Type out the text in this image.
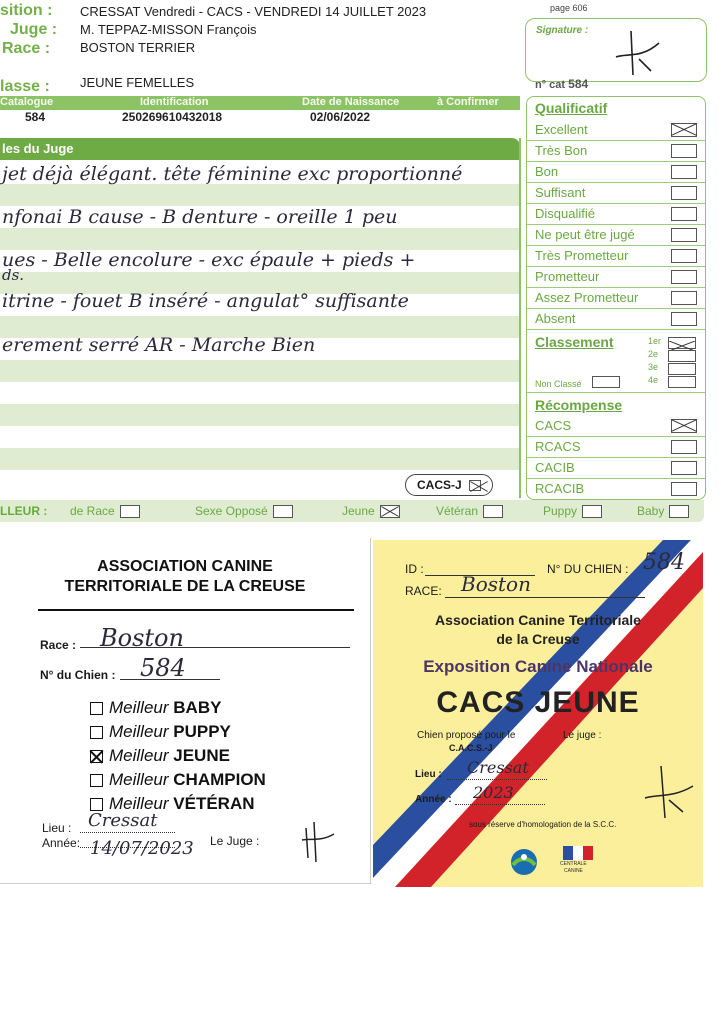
sition : CRESSAT Vendredi - CACS - VENDREDI 14 JUILLET 2023
Juge : M. TEPPAZ-MISSON François
Race : BOSTON TERRIER
page 606
Signature :
lasse : JEUNE FEMELLES	n° cat 584
Catalogue	Identification	Date de Naissance	à Confirmer
584	250269610432018	02/06/2022
les du Juge
jet déjà élégant. tête féminine exc proportionné
nfonai B cause - B denture - oreille 1 peu
ues - Belle encolure - exc épaule + pieds +
ds.
itrine - fouet B inséré - angulat° suffisante
erement serré AR - Marche Bien
CACS-J
Qualificatif
Excellent
Très Bon
Bon
Suffisant
Disqualifié
Ne peut être jugé
Très Prometteur
Prometteur
Assez Prometteur
Absent
Classement	1er
2e
3e
4e
Non Classé
Récompense
CACS
RCACS
CACIB
RCACIB
LLEUR : de Race	Sexe Opposé	Jeune	Vétéran	Puppy	Baby
ASSOCIATION CANINE
TERRITORIALE DE LA CREUSE
Race : Boston
N° du Chien : 584
Meilleur BABY
Meilleur PUPPY
Meilleur JEUNE
Meilleur CHAMPION
Meilleur VÉTÉRAN
Lieu : Cressat
Année: 14/07/2023 Le Juge :
ID :	N° DU CHIEN : 584
RACE: Boston
Association Canine Territoriale
de la Creuse
Exposition Canine Nationale
CACS JEUNE
Chien proposé pour le
C.A.C.S.-J
Le juge :
Lieu : Cressat
Année : 2023
sous réserve d'homologation de la S.C.C.
CENTRALE
CANINE
